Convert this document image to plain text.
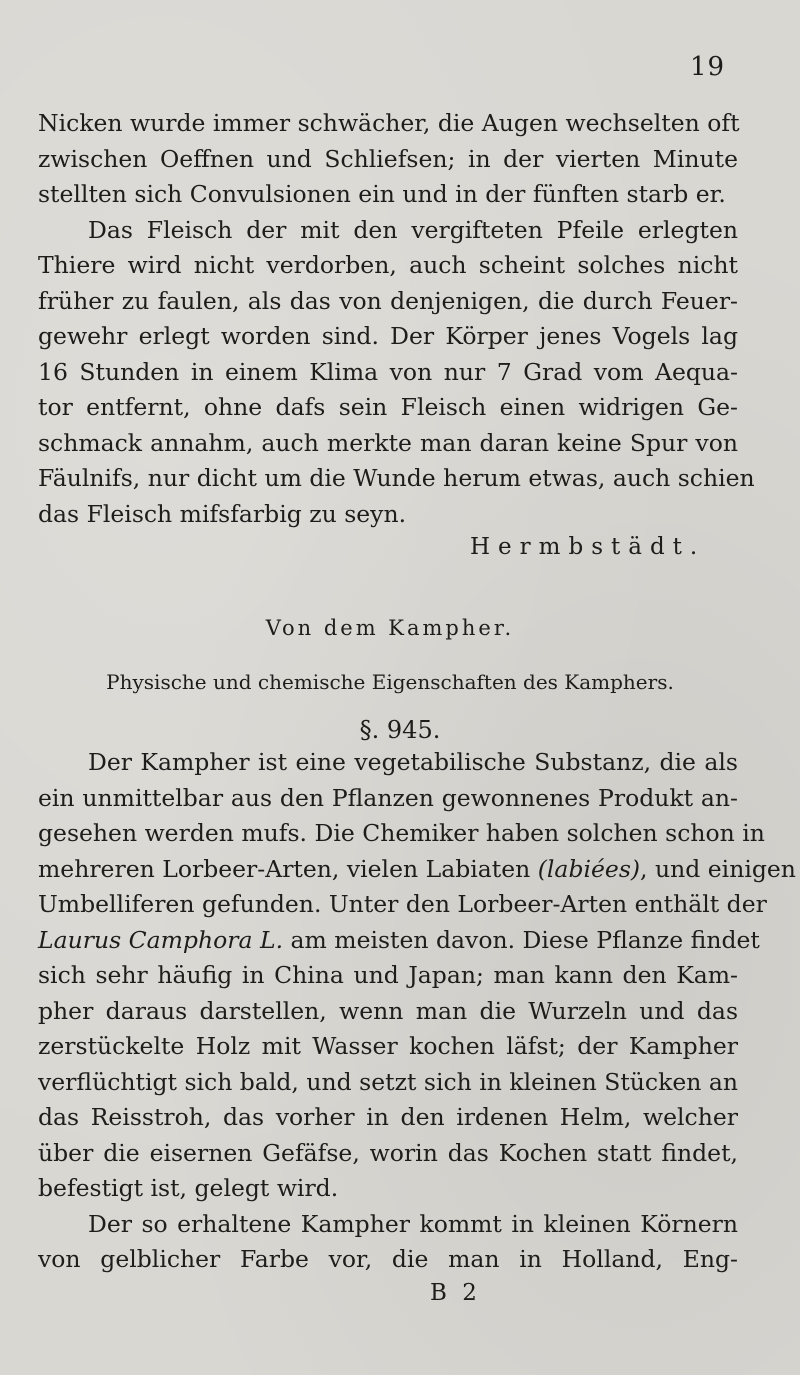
19
Nicken wurde immer schwächer, die Augen wechselten oft
zwischen Oeffnen und Schliefsen; in der vierten Minute
stellten sich Convulsionen ein und in der fünften starb er.
Das Fleisch der mit den vergifteten Pfeile erlegten
Thiere wird nicht verdorben, auch scheint solches nicht
früher zu faulen, als das von denjenigen, die durch Feuer-
gewehr erlegt worden sind. Der Körper jenes Vogels lag
16 Stunden in einem Klima von nur 7 Grad vom Aequa-
tor entfernt, ohne dafs sein Fleisch einen widrigen Ge-
schmack annahm, auch merkte man daran keine Spur von
Fäulnifs, nur dicht um die Wunde herum etwas, auch schien
das Fleisch mifsfarbig zu seyn.
Hermbstädt.
Von dem Kampher.
Physische und chemische Eigenschaften des Kamphers.
§. 945.
Der Kampher ist eine vegetabilische Substanz, die als
ein unmittelbar aus den Pflanzen gewonnenes Produkt an-
gesehen werden mufs. Die Chemiker haben solchen schon in
mehreren Lorbeer-Arten, vielen Labiaten (labiées), und einigen
Umbelliferen gefunden. Unter den Lorbeer-Arten enthält der
Laurus Camphora L. am meisten davon. Diese Pflanze findet
sich sehr häufig in China und Japan; man kann den Kam-
pher daraus darstellen, wenn man die Wurzeln und das
zerstückelte Holz mit Wasser kochen läfst; der Kampher
verflüchtigt sich bald, und setzt sich in kleinen Stücken an
das Reisstroh, das vorher in den irdenen Helm, welcher
über die eisernen Gefäfse, worin das Kochen statt findet,
befestigt ist, gelegt wird.
Der so erhaltene Kampher kommt in kleinen Körnern
von gelblicher Farbe vor, die man in Holland, Eng-
B 2
